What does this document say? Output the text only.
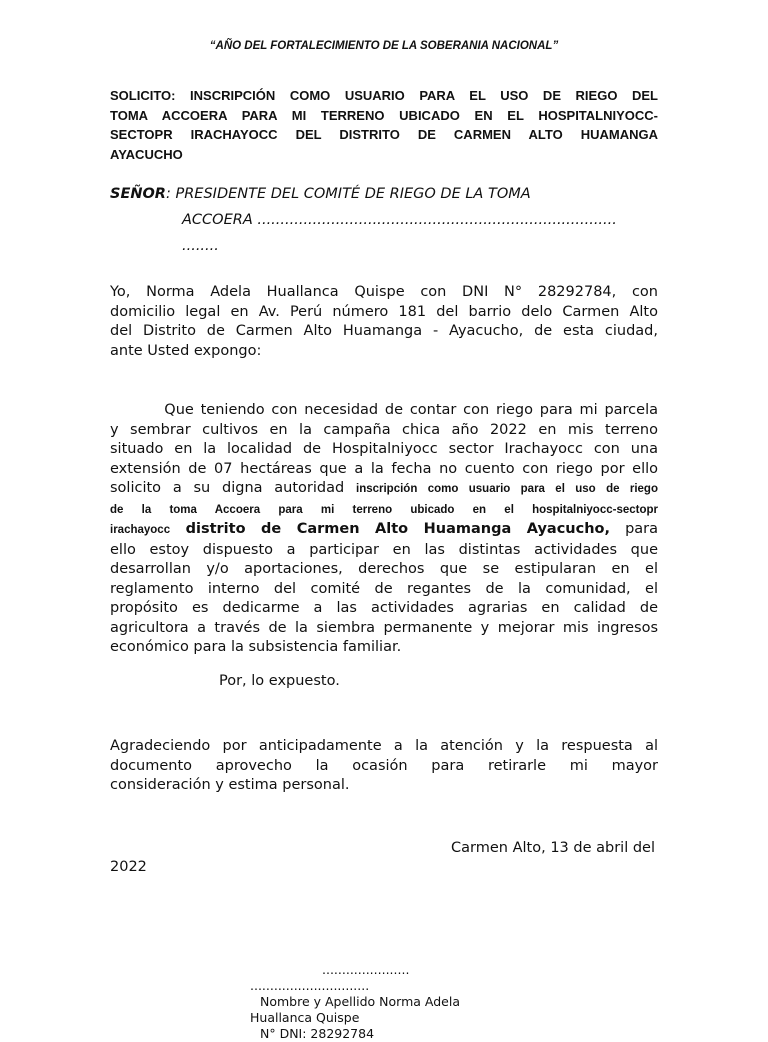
“AÑO DEL FORTALECIMIENTO DE LA SOBERANIA NACIONAL”
SOLICITO: INSCRIPCIÓN COMO USUARIO PARA EL USO DE RIEGO DEL
TOMA ACCOERA PARA MI TERRENO UBICADO EN EL HOSPITALNIYOCC-
SECTOPR IRACHAYOCC DEL DISTRITO DE CARMEN ALTO HUAMANGA
AYACUCHO
SEÑOR: PRESIDENTE DEL COMITÉ DE RIEGO DE LA TOMA
ACCOERA ..............................................................................
........
Yo, Norma Adela Huallanca Quispe con DNI N° 28292784, con
domicilio legal en Av. Perú número 181 del barrio delo Carmen Alto
del Distrito de Carmen Alto Huamanga - Ayacucho, de esta ciudad,
ante Usted expongo:
Que teniendo con necesidad de contar con riego para mi parcela
y sembrar cultivos en la campaña chica año 2022 en mis terreno
situado en la localidad de Hospitalniyocc sector Irachayocc con una
extensión de 07 hectáreas que a la fecha no cuento con riego por ello
solicito a su digna autoridad inscripción como usuario para el uso de riego
de la toma Accoera para mi terreno ubicado en el hospitalniyocc-sectopr
irachayocc distrito de Carmen Alto Huamanga Ayacucho, para
ello estoy dispuesto a participar en las distintas actividades que
desarrollan y/o aportaciones, derechos que se estipularan en el
reglamento interno del comité de regantes de la comunidad, el
propósito es dedicarme a las actividades agrarias en calidad de
agricultora a través de la siembra permanente y mejorar mis ingresos
económico para la subsistencia familiar.
Por, lo expuesto.
Agradeciendo por anticipadamente a la atención y la respuesta al
documento aprovecho la ocasión para retirarle mi mayor
consideración y estima personal.
Carmen Alto, 13 de abril del
2022
......................
..............................
Nombre y Apellido Norma Adela
Huallanca Quispe
N° DNI: 28292784
